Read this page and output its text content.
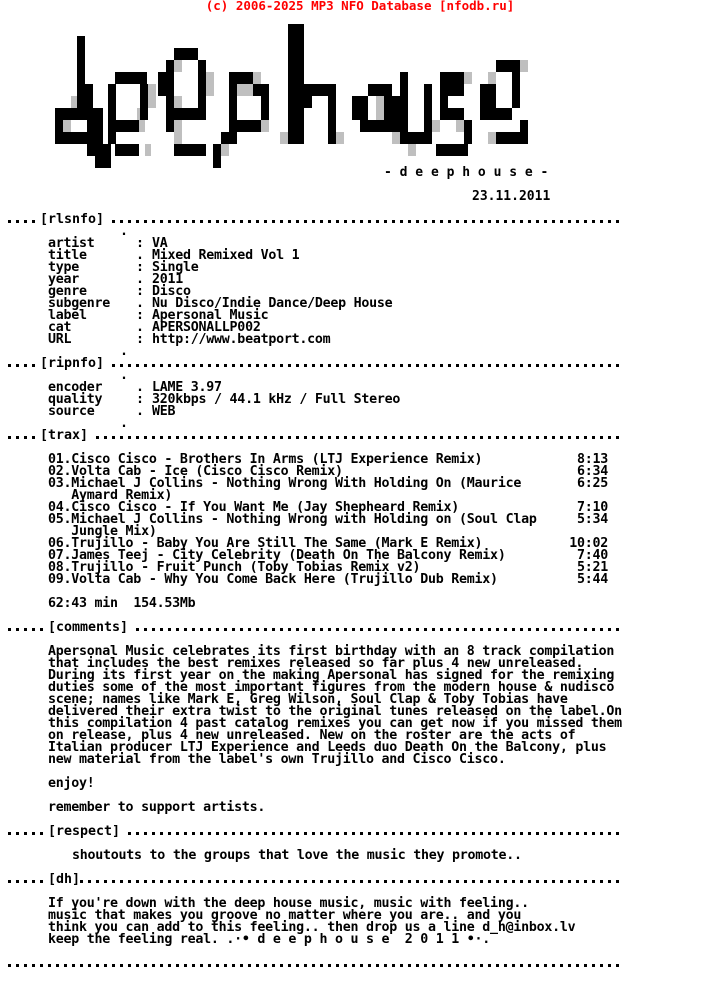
(c) 2006-2025 MP3 NFO Database [nfodb.ru]
- d e e p h o u s e -
23.11.2011
[rlsnfo]
[ripnfo]
[trax]
[comments]
[respect]
[dh]
.
artist	: VA
title	. Mixed Remixed Vol 1
type	: Single
year	. 2011
genre	: Disco
subgenre . Nu Disco/Indie Dance/Deep House
label	: Apersonal Music
cat	. APERSONALLP002
URL	: http://www.beatport.com
.
.
encoder	. LAME 3.97
quality	: 320kbps / 44.1 kHz / Full Stereo
source	. WEB
.
01.Cisco Cisco - Brothers In Arms (LTJ Experience Remix)	8:13
02.Volta Cab - Ice (Cisco Cisco Remix)	6:34
03.Michael J Collins - Nothing Wrong With Holding On (Maurice	6:25
Aymard Remix)
04.Cisco Cisco - If You Want Me (Jay Shepheard Remix)	7:10
05.Michael J Collins - Nothing Wrong with Holding on (Soul Clap	5:34
Jungle Mix)
06.Trujillo - Baby You Are Still The Same (Mark E Remix)	10:02
07.James Teej - City Celebrity (Death On The Balcony Remix)	7:40
08.Trujillo - Fruit Punch (Toby Tobias Remix v2)	5:21
09.Volta Cab - Why You Come Back Here (Trujillo Dub Remix)	5:44
62:43 min 154.53Mb
Apersonal Music celebrates its first birthday with an 8 track compilation
that includes the best remixes released so far plus 4 new unreleased.
During its first year on the making Apersonal has signed for the remixing
duties some of the most important figures from the modern house & nudisco
scene; names like Mark E, Greg Wilson, Soul Clap & Toby Tobias have
delivered their extra twist to the original tunes released on the label.On
this compilation 4 past catalog remixes you can get now if you missed them
on release, plus 4 new unreleased. New on the roster are the acts of
Italian producer LTJ Experience and Leeds duo Death On the Balcony, plus
new material from the label's own Trujillo and Cisco Cisco.
enjoy!
remember to support artists.
shoutouts to the groups that love the music they promote..
If you're down with the deep house music, music with feeling..
music that makes you groove no matter where you are.. and you
think you can add to this feeling.. then drop us a line d_h@inbox.lv
keep the feeling real. .·• d e e p h o u s e  2 0 1 1 •·.
